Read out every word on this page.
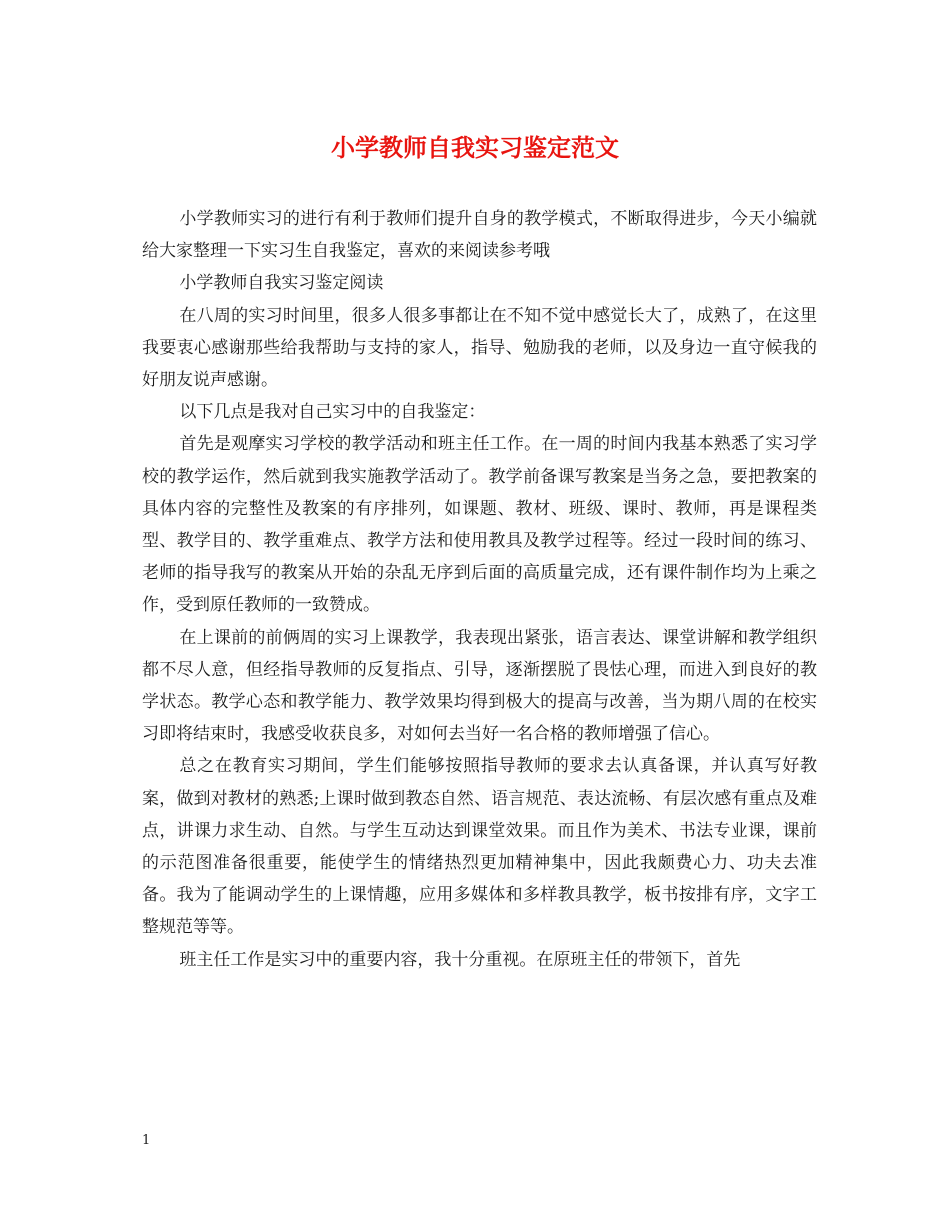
小学教师自我实习鉴定范文

小学教师实习的进行有利于教师们提升自身的教学模式，不断取得进步，今天小编就给大家整理一下实习生自我鉴定，喜欢的来阅读参考哦

小学教师自我实习鉴定阅读

在八周的实习时间里，很多人很多事都让在不知不觉中感觉长大了，成熟了，在这里我要衷心感谢那些给我帮助与支持的家人，指导、勉励我的老师，以及身边一直守候我的好朋友说声感谢。

以下几点是我对自己实习中的自我鉴定：

首先是观摩实习学校的教学活动和班主任工作。在一周的时间内我基本熟悉了实习学校的教学运作，然后就到我实施教学活动了。教学前备课写教案是当务之急，要把教案的具体内容的完整性及教案的有序排列，如课题、教材、班级、课时、教师，再是课程类型、教学目的、教学重难点、教学方法和使用教具及教学过程等。经过一段时间的练习、老师的指导我写的教案从开始的杂乱无序到后面的高质量完成，还有课件制作均为上乘之作，受到原任教师的一致赞成。

在上课前的前俩周的实习上课教学，我表现出紧张，语言表达、课堂讲解和教学组织都不尽人意，但经指导教师的反复指点、引导，逐渐摆脱了畏怯心理，而进入到良好的教学状态。教学心态和教学能力、教学效果均得到极大的提高与改善，当为期八周的在校实习即将结束时，我感受收获良多，对如何去当好一名合格的教师增强了信心。

总之在教育实习期间，学生们能够按照指导教师的要求去认真备课，并认真写好教案，做到对教材的熟悉;上课时做到教态自然、语言规范、表达流畅、有层次感有重点及难点，讲课力求生动、自然。与学生互动达到课堂效果。而且作为美术、书法专业课，课前的示范图准备很重要，能使学生的情绪热烈更加精神集中，因此我颇费心力、功夫去准备。我为了能调动学生的上课情趣，应用多媒体和多样教具教学，板书按排有序，文字工整规范等等。

班主任工作是实习中的重要内容，我十分重视。在原班主任的带领下，首先

1
